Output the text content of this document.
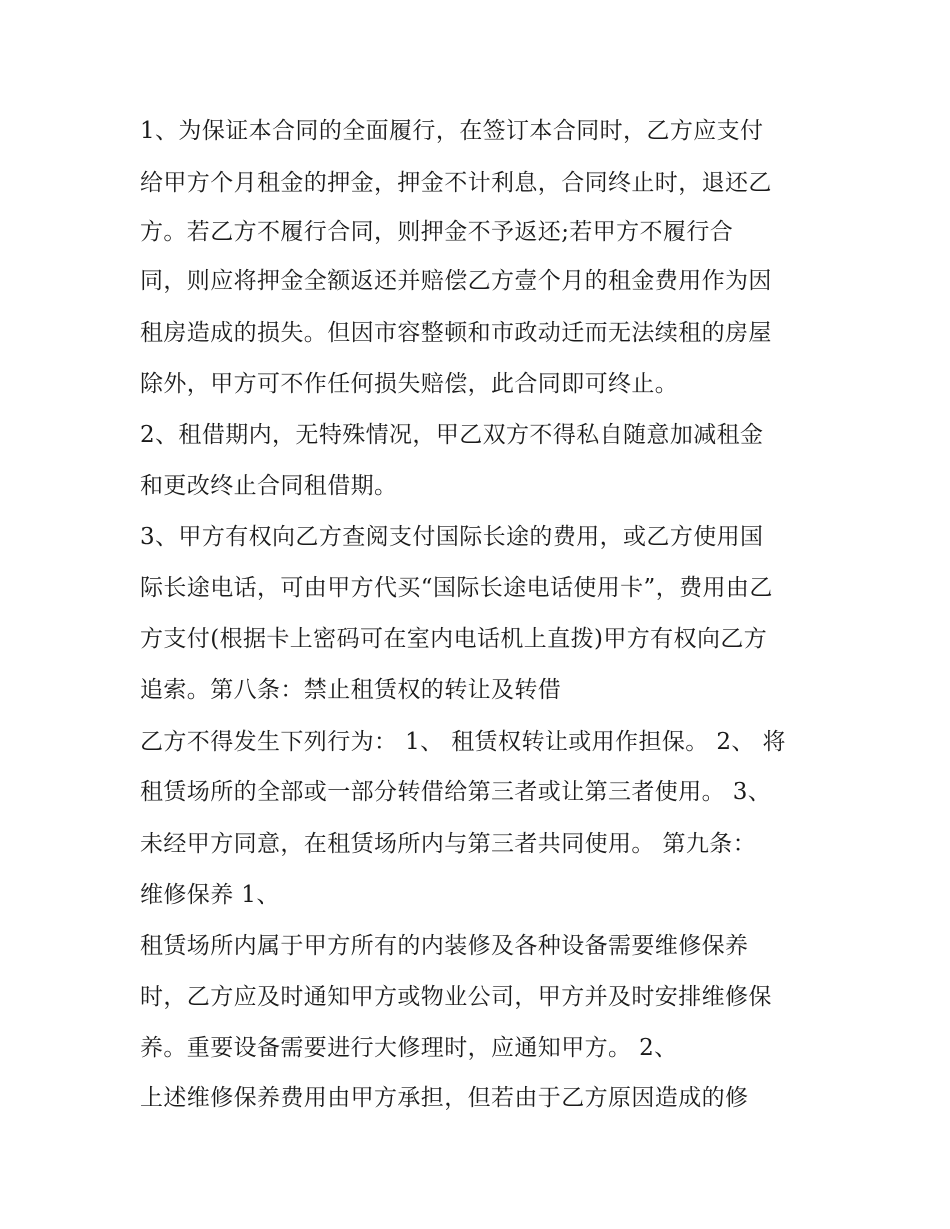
1、为保证本合同的全面履行，在签订本合同时，乙方应支付
给甲方个月租金的押金，押金不计利息，合同终止时，退还乙
方。若乙方不履行合同，则押金不予返还;若甲方不履行合
同，则应将押金全额返还并赔偿乙方壹个月的租金费用作为因
租房造成的损失。但因市容整顿和市政动迁而无法续租的房屋
除外，甲方可不作任何损失赔偿，此合同即可终止。
2、租借期内，无特殊情况，甲乙双方不得私自随意加减租金
和更改终止合同租借期。
3、甲方有权向乙方查阅支付国际长途的费用，或乙方使用国
际长途电话，可由甲方代买“国际长途电话使用卡”，费用由乙
方支付(根据卡上密码可在室内电话机上直拨)甲方有权向乙方
追索。第八条：禁止租赁权的转让及转借
乙方不得发生下列行为： 1、 租赁权转让或用作担保。 2、 将
租赁场所的全部或一部分转借给第三者或让第三者使用。 3、
未经甲方同意，在租赁场所内与第三者共同使用。 第九条：
维修保养 1、
租赁场所内属于甲方所有的内装修及各种设备需要维修保养
时，乙方应及时通知甲方或物业公司，甲方并及时安排维修保
养。重要设备需要进行大修理时，应通知甲方。 2、
上述维修保养费用由甲方承担，但若由于乙方原因造成的修
